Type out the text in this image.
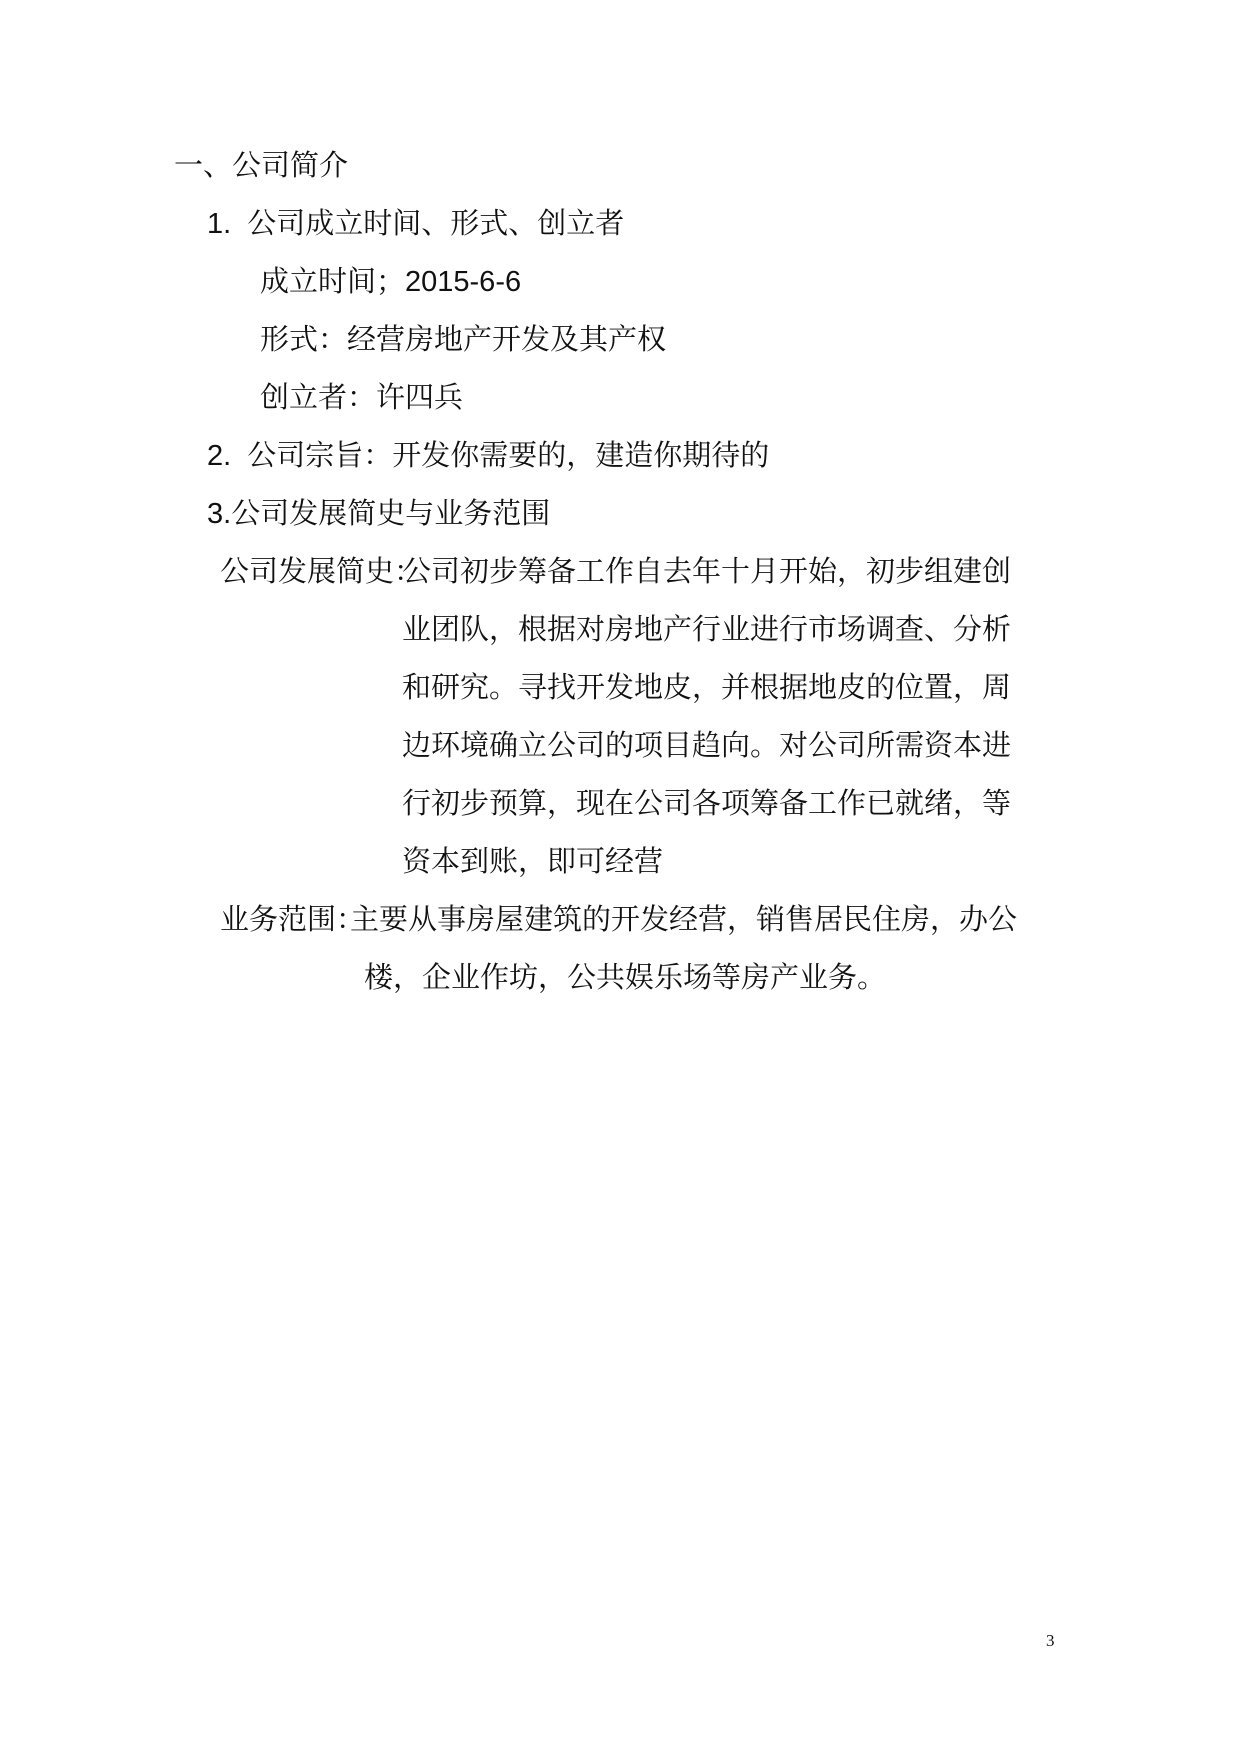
一、公司简介
1. 公司成立时间、形式、创立者
成立时间；2015-6-6
形式：经营房地产开发及其产权
创立者：许四兵
2. 公司宗旨：开发你需要的，建造你期待的
3.公司发展简史与业务范围
公司发展简史：
公司初步筹备工作自去年十月开始，初步组建创
业团队，根据对房地产行业进行市场调查、分析
和研究。寻找开发地皮，并根据地皮的位置，周
边环境确立公司的项目趋向。对公司所需资本进
行初步预算，现在公司各项筹备工作已就绪，等
资本到账，即可经营
业务范围：
主要从事房屋建筑的开发经营，销售居民住房，办公
楼，企业作坊，公共娱乐场等房产业务。
3
